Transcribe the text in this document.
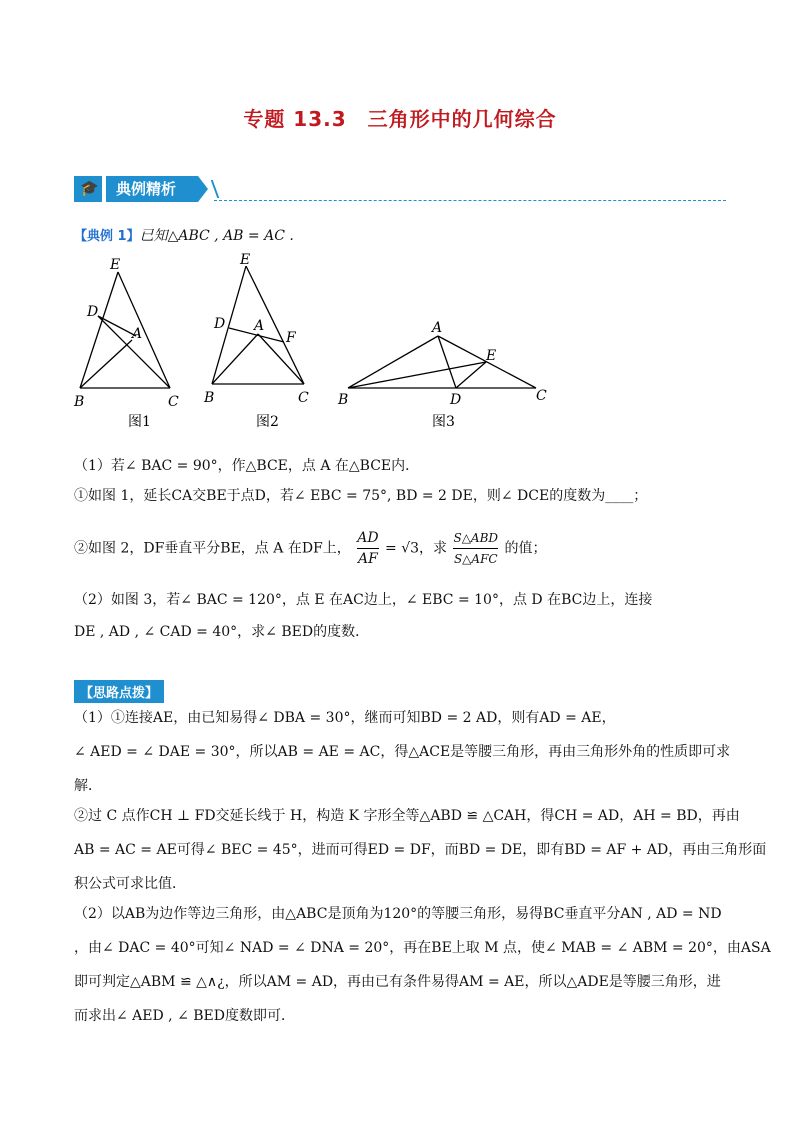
专题 13.3　三角形中的几何综合
🎓	典例精析
【典例 1】已知△ABC , AB = AC .
E
D
A
B	C
图1
E
D A
F
B	C
图2
A
E
B	D	C
图3
（1）若∠ BAC = 90°，作△BCE，点 A 在△BCE内．
①如图 1，延长CA交BE于点D，若∠ EBC = 75°, BD = 2 DE，则∠ DCE的度数为____；
②如图 2，DF垂直平分BE，点 A 在DF上， $\frac{AD}{AF} = √3$，求
S△ABD
S△AFC
的值；
（2）如图 3，若∠ BAC = 120°，点 E 在AC边上，∠ EBC = 10°，点 D 在BC边上，连接
DE , AD , ∠ CAD = 40°，求∠ BED的度数．
【思路点拨】
（1）①连接AE，由已知易得∠ DBA = 30°，继而可知BD = 2 AD，则有AD = AE，
∠ AED = ∠ DAE = 30°，所以AB = AE = AC，得△ACE是等腰三角形，再由三角形外角的性质即可求
解．
②过 C 点作CH ⊥ FD交延长线于 H，构造 K 字形全等△ABD ≌ △CAH，得CH = AD，AH = BD，再由
AB = AC = AE可得∠ BEC = 45°，进而可得ED = DF，而BD = DE，即有BD = AF + AD，再由三角形面
积公式可求比值．
（2）以AB为边作等边三角形，由△ABC是顶角为120°的等腰三角形，易得BC垂直平分AN , AD = ND
，由∠ DAC = 40°可知∠ NAD = ∠ DNA = 20°，再在BE上取 M 点，使∠ MAB = ∠ ABM = 20°，由ASA
即可判定△ABM ≌ △∧¿，所以AM = AD，再由已有条件易得AM = AE，所以△ADE是等腰三角形，进
而求出∠ AED , ∠ BED度数即可．
